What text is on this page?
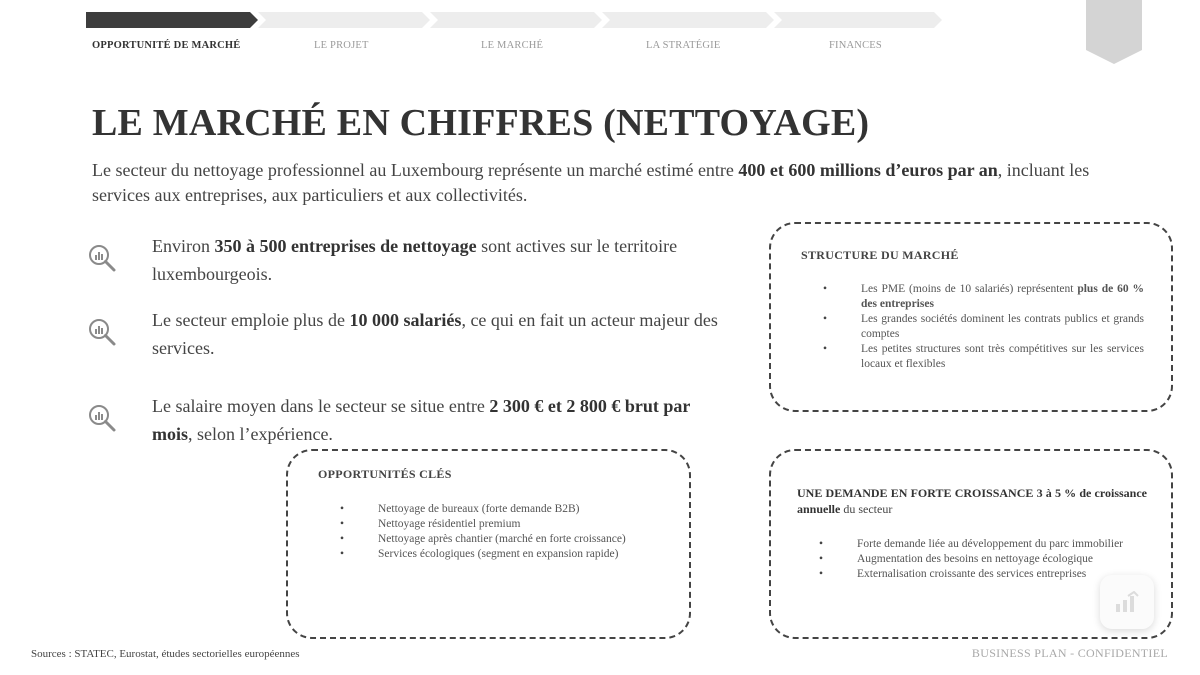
OPPORTUNITÉ DE MARCHÉ	LE PROJET	LE MARCHÉ	LA STRATÉGIE	FINANCES
LE MARCHÉ EN CHIFFRES (NETTOYAGE)

Le secteur du nettoyage professionnel au Luxembourg représente un marché estimé entre 400 et 600 millions d’euros par an, incluant les services aux entreprises, aux particuliers et aux collectivités.

Environ 350 à 500 entreprises de nettoyage sont actives sur le territoire luxembourgeois.

Le secteur emploie plus de 10 000 salariés, ce qui en fait un acteur majeur des services.

Le salaire moyen dans le secteur se situe entre 2 300 € et 2 800 € brut par mois, selon l’expérience.

STRUCTURE DU MARCHÉ
• Les PME (moins de 10 salariés) représentent plus de 60 % des entreprises
• Les grandes sociétés dominent les contrats publics et grands comptes
• Les petites structures sont très compétitives sur les services locaux et flexibles
OPPORTUNITÉS CLÉS
• Nettoyage de bureaux (forte demande B2B)
• Nettoyage résidentiel premium
• Nettoyage après chantier (marché en forte croissance)
• Services écologiques (segment en expansion rapide)

UNE DEMANDE EN FORTE CROISSANCE 3 à 5 % de croissance annuelle du secteur

• Forte demande liée au développement du parc immobilier
• Augmentation des besoins en nettoyage écologique
• Externalisation croissante des services entreprises
Sources : STATEC, Eurostat, études sectorielles européennes	BUSINESS PLAN - CONFIDENTIEL
